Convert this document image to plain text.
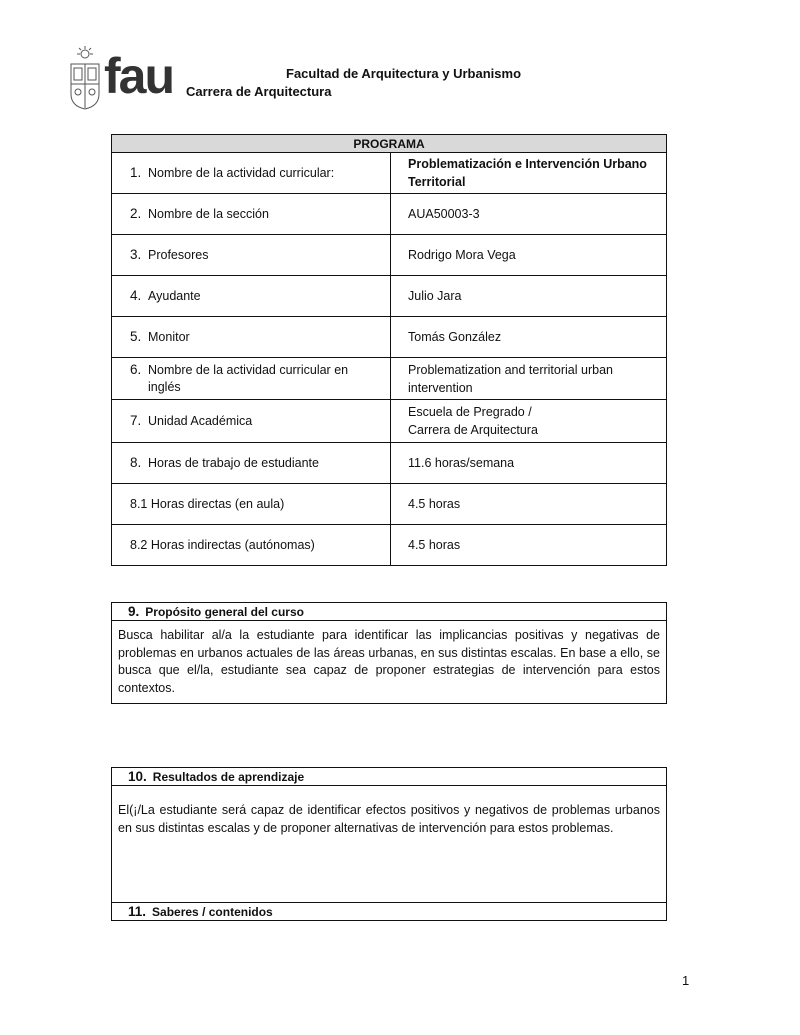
fau	Facultad de Arquitectura y Urbanismo
Carrera de Arquitectura
PROGRAMA	
1. Nombre de la actividad curricular:	Problematización e Intervención Urbano Territorial
2. Nombre de la sección	AUA50003-3
3. Profesores	Rodrigo Mora Vega
4. Ayudante	Julio Jara
5. Monitor	Tomás González
6. Nombre de la actividad curricular en inglés	Problematization and territorial urban intervention
7. Unidad Académica	Escuela de Pregrado /
Carrera de Arquitectura

8. Horas de trabajo de estudiante	11.6 horas/semana
8.1 Horas directas (en aula)	4.5 horas
8.2 Horas indirectas (autónomas)	4.5 horas
9. Propósito general del curso
Busca habilitar al/a la estudiante para identificar las implicancias positivas y negativas de problemas en urbanos actuales de las áreas urbanas, en sus distintas escalas. En base a ello, se busca que el/la, estudiante sea capaz de proponer estrategias de intervención para estos contextos.
10. Resultados de aprendizaje
El(¡/La estudiante será capaz de identificar efectos positivos y negativos de problemas urbanos en sus distintas escalas y de proponer alternativas de intervención para estos problemas.
11. Saberes / contenidos
1
